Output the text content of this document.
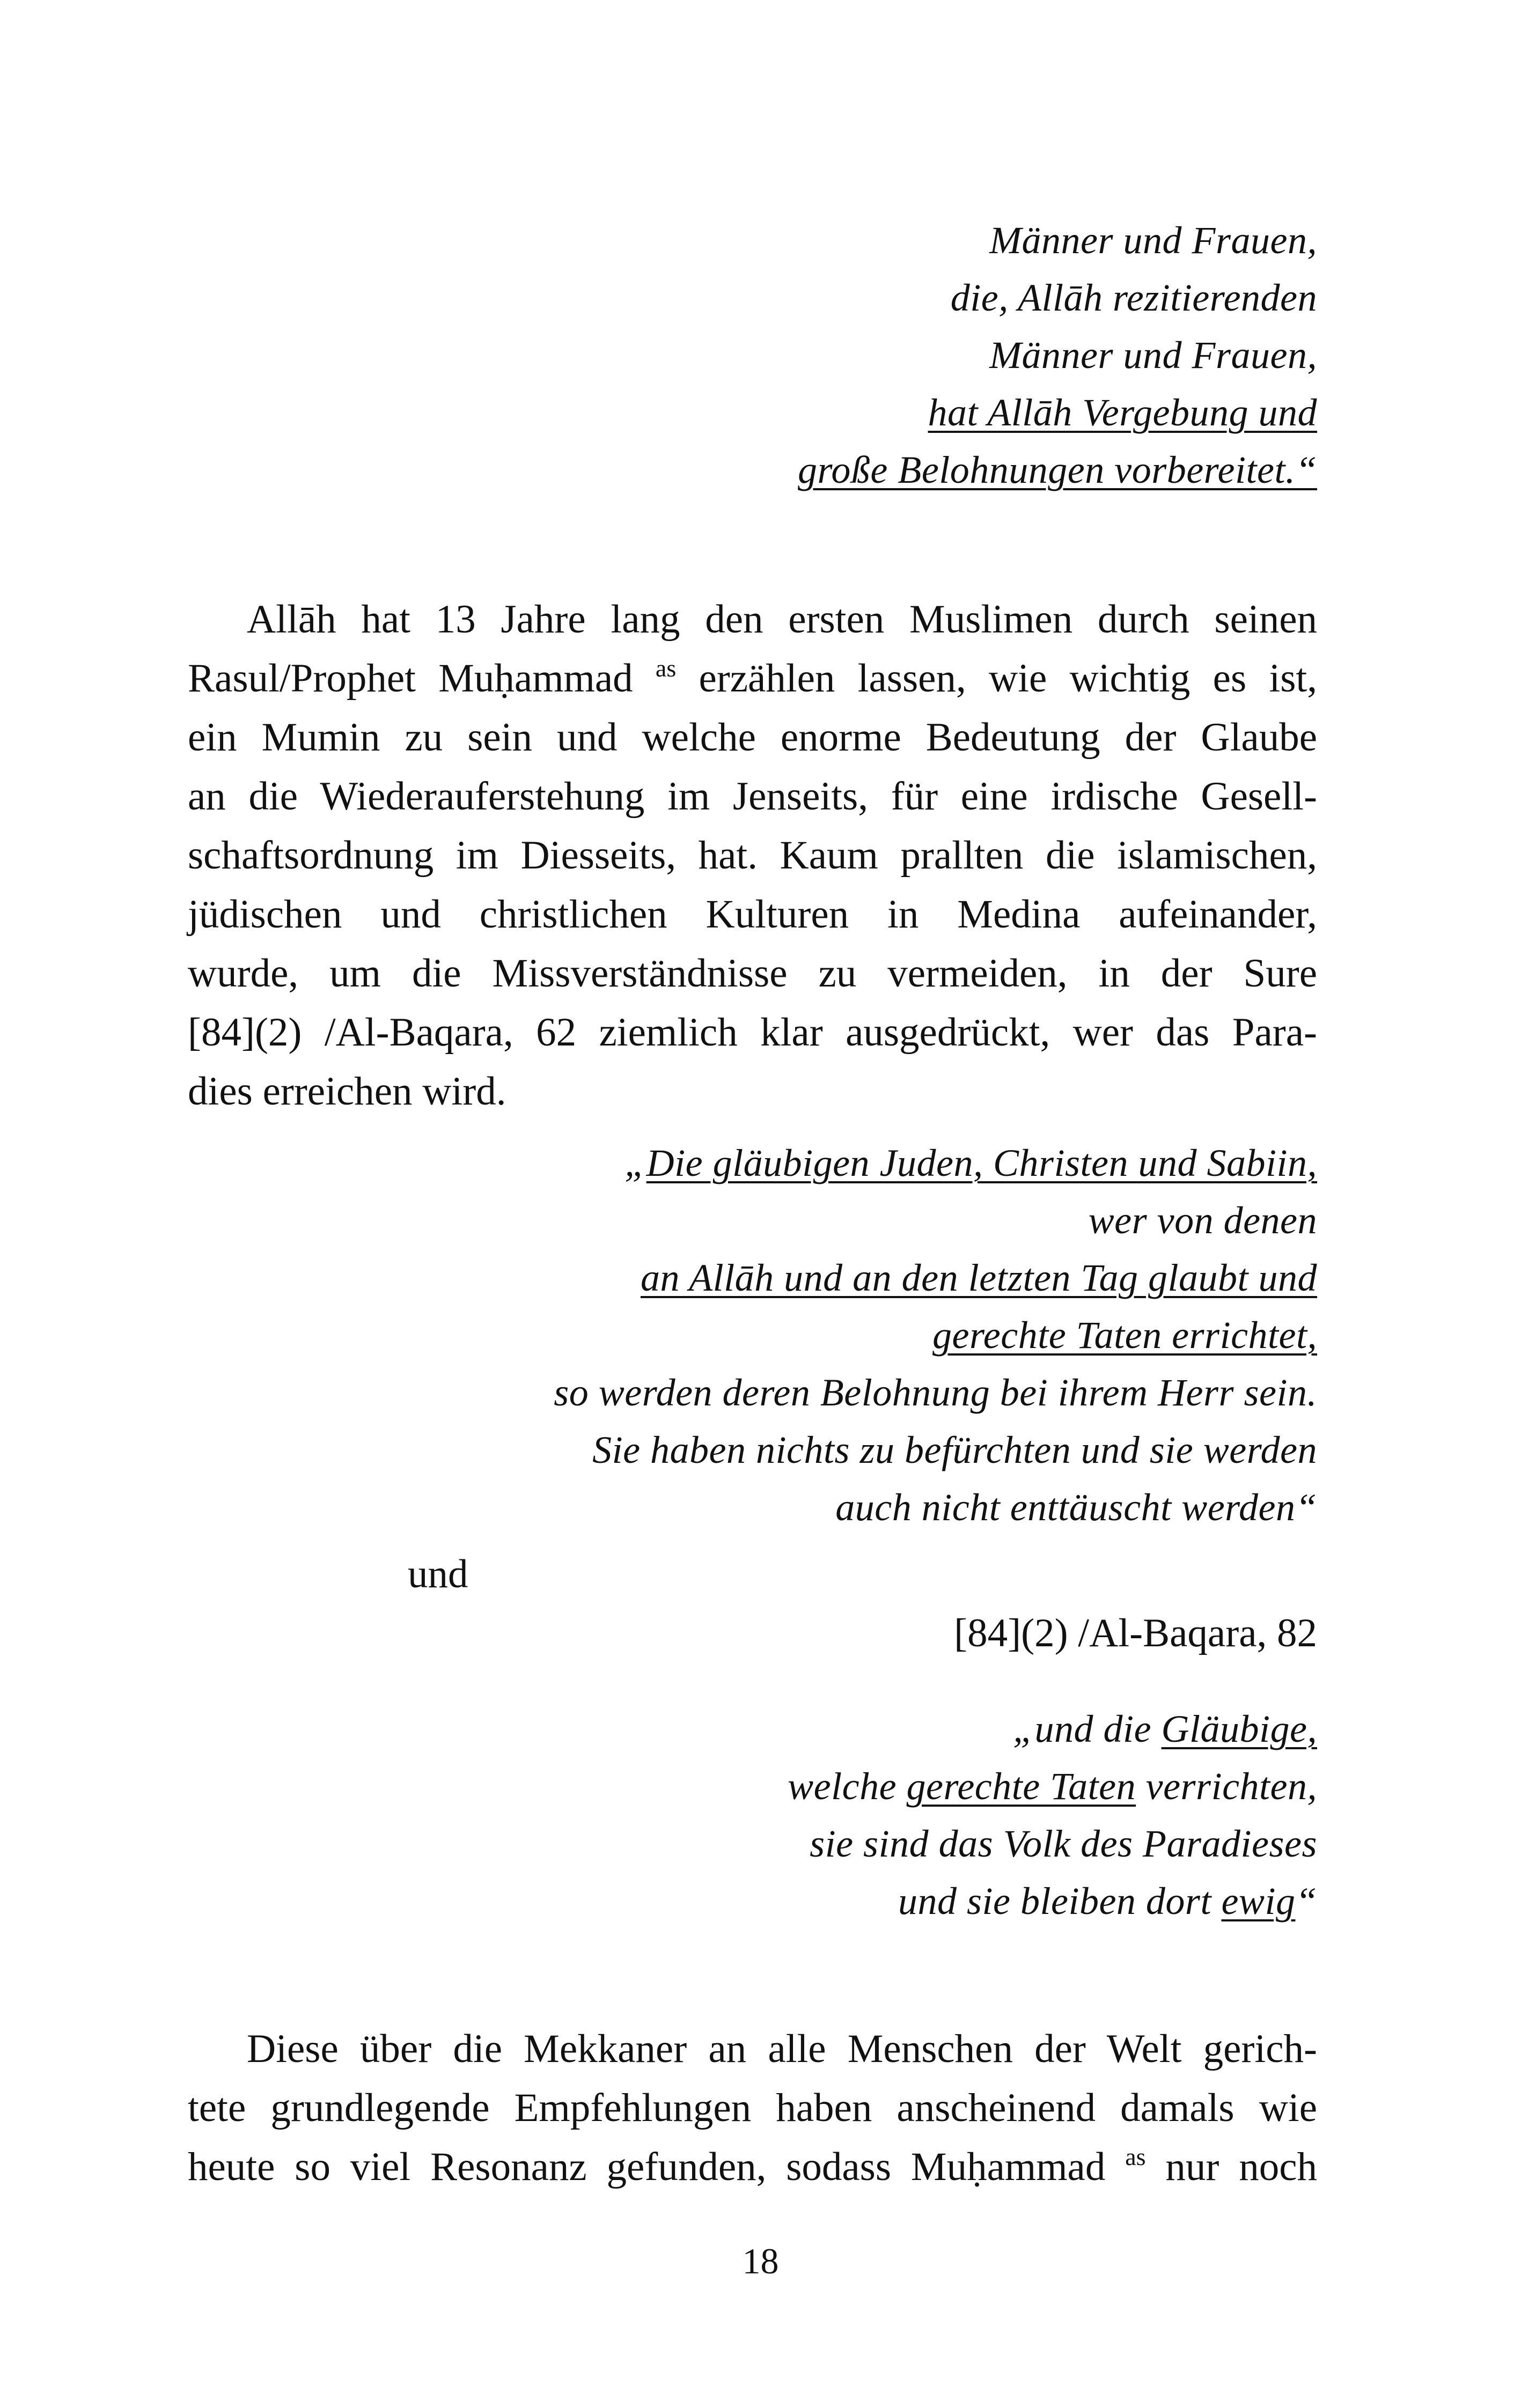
Männer und Frauen,
die, Allāh rezitierenden
Männer und Frauen,
hat Allāh Vergebung und
große Belohnungen vorbereitet.“
Allāh hat 13 Jahre lang den ersten Muslimen durch seinen
Rasul/Prophet Muḥammad $^{as}$ erzählen lassen, wie wichtig es ist,
ein Mumin zu sein und welche enorme Bedeutung der Glaube
an die Wiederauferstehung im Jenseits, für eine irdische Gesell-
schaftsordnung im Diesseits, hat. Kaum prallten die islamischen,
jüdischen und christlichen Kulturen in Medina aufeinander,
wurde, um die Missverständnisse zu vermeiden, in der Sure
[84](2) /Al-Baqara, 62 ziemlich klar ausgedrückt, wer das Para-
dies erreichen wird.
„Die gläubigen Juden, Christen und Sabiin,
wer von denen
an Allāh und an den letzten Tag glaubt und
gerechte Taten errichtet,
so werden deren Belohnung bei ihrem Herr sein.
Sie haben nichts zu befürchten und sie werden
auch nicht enttäuscht werden“
und
[84](2) /Al-Baqara, 82
„und die Gläubige,
welche gerechte Taten verrichten,
sie sind das Volk des Paradieses
und sie bleiben dort ewig“
Diese über die Mekkaner an alle Menschen der Welt gerich-
tete grundlegende Empfehlungen haben anscheinend damals wie
heute so viel Resonanz gefunden, sodass Muḥammad $^{as}$ nur noch
18
